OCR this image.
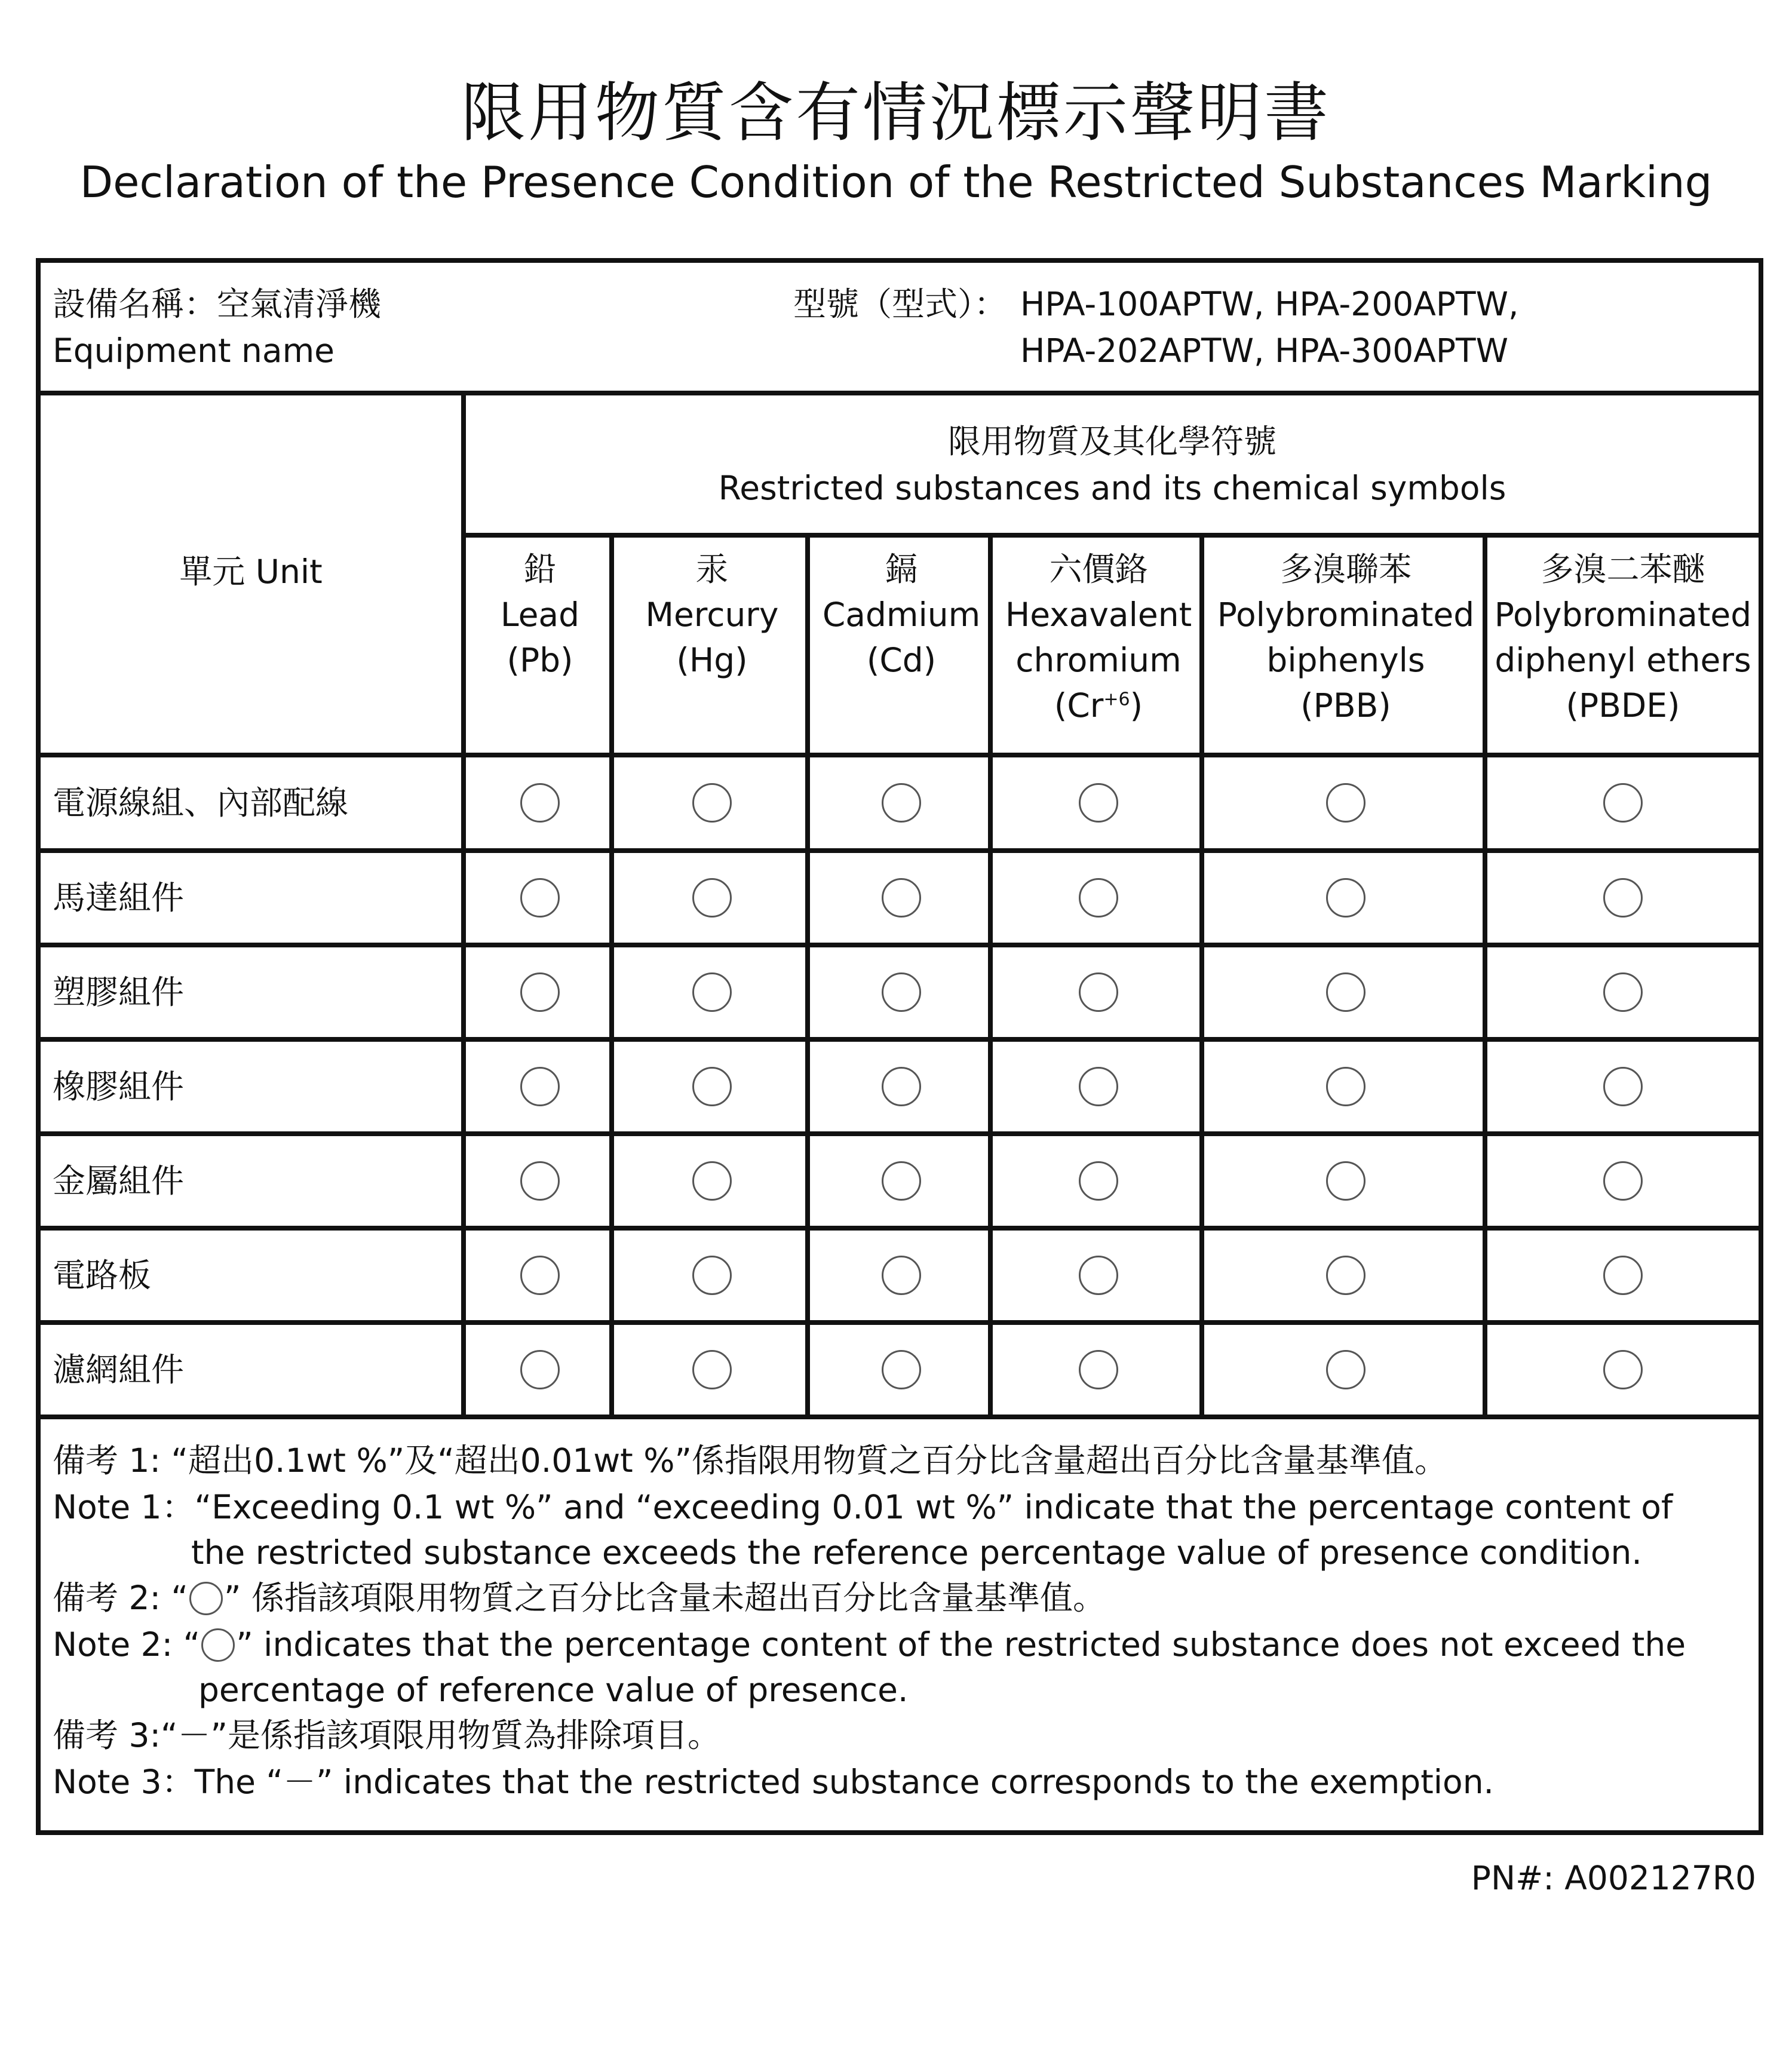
限用物質含有情況標示聲明書
Declaration of the Presence Condition of the Restricted Substances Marking
設備名稱：空氣清淨機
Equipment name
型號（型式）： HPA-100APTW, HPA-200APTW,
HPA-202APTW, HPA-300APTW
單元 Unit
限用物質及其化學符號
Restricted substances and its chemical symbols
鉛
Lead
(Pb)
汞
Mercury
(Hg)
鎘
Cadmium
(Cd)
六價鉻
Hexavalent
chromium
$(Cr^{+6})$
多溴聯苯
Polybrominated
biphenyls
(PBB)
多溴二苯醚
Polybrominated
diphenyl ethers
(PBDE)
電源線組、內部配線
馬達組件
塑膠組件
橡膠組件
金屬組件
電路板
濾網組件
備考 1: “超出0.1wt %”及“超出0.01wt %”係指限用物質之百分比含量超出百分比含量基準值。
Note 1：“Exceeding 0.1 wt %” and “exceeding 0.01 wt %” indicate that the percentage content of
the restricted substance exceeds the reference percentage value of presence condition.
備考 2: “ ” 係指該項限用物質之百分比含量未超出百分比含量基準值。
Note 2: “ ” indicates that the percentage content of the restricted substance does not exceed the
percentage of reference value of presence.
備考 3:“－”是係指該項限用物質為排除項目。
Note 3：The “－” indicates that the restricted substance corresponds to the exemption.
PN#: A002127R0
